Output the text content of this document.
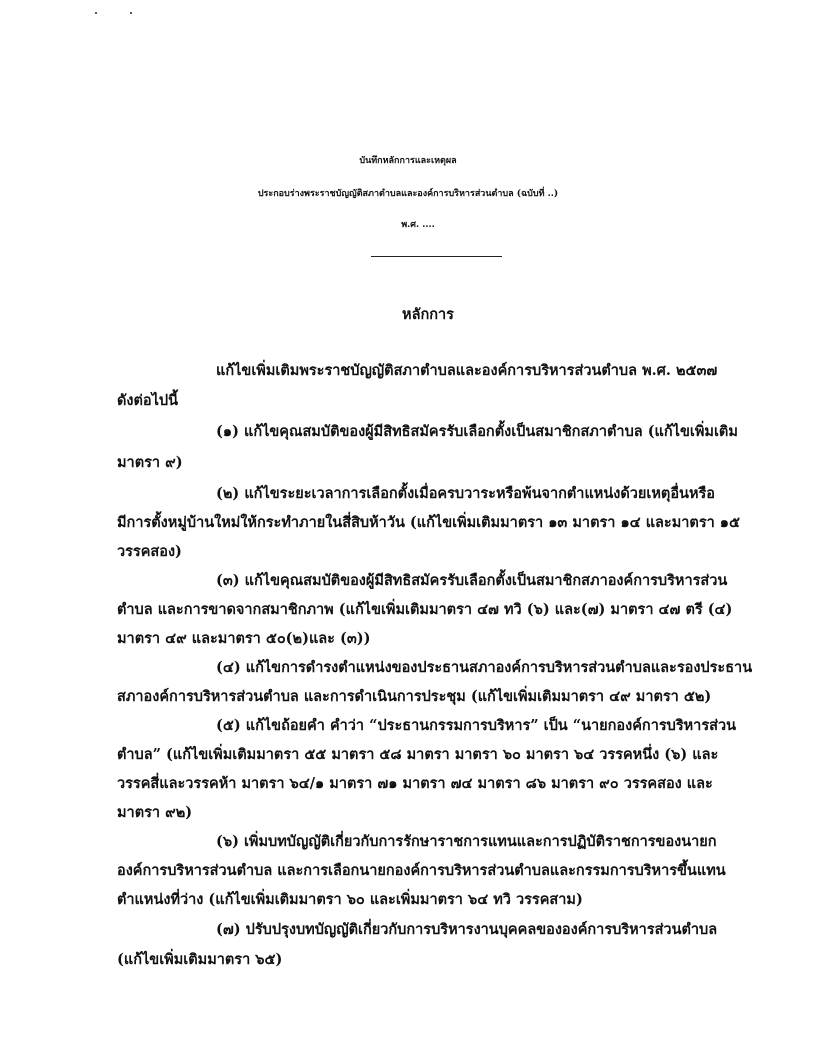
บันทึกหลักการและเหตุผล
ประกอบร่างพระราชบัญญัติสภาตำบลและองค์การบริหารส่วนตำบล (ฉบับที่ ..)
พ.ศ. ....
หลักการ
แก้ไขเพิ่มเติมพระราชบัญญัติสภาตำบลและองค์การบริหารส่วนตำบล พ.ศ. ๒๕๓๗
ดังต่อไปนี้
(๑) แก้ไขคุณสมบัติของผู้มีสิทธิสมัครรับเลือกตั้งเป็นสมาชิกสภาตำบล (แก้ไขเพิ่มเติม
มาตรา ๙)
(๒) แก้ไขระยะเวลาการเลือกตั้งเมื่อครบวาระหรือพ้นจากตำแหน่งด้วยเหตุอื่นหรือ
มีการตั้งหมู่บ้านใหม่ให้กระทำภายในสี่สิบห้าวัน (แก้ไขเพิ่มเติมมาตรา ๑๓ มาตรา ๑๔ และมาตรา ๑๕
วรรคสอง)
(๓) แก้ไขคุณสมบัติของผู้มีสิทธิสมัครรับเลือกตั้งเป็นสมาชิกสภาองค์การบริหารส่วน
ตำบล และการขาดจากสมาชิกภาพ (แก้ไขเพิ่มเติมมาตรา ๔๗ ทวิ (๖) และ(๗) มาตรา ๔๗ ตรี (๔)
มาตรา ๔๙ และมาตรา ๕๐(๒)และ (๓))
(๔) แก้ไขการดำรงตำแหน่งของประธานสภาองค์การบริหารส่วนตำบลและรองประธาน
สภาองค์การบริหารส่วนตำบล และการดำเนินการประชุม (แก้ไขเพิ่มเติมมาตรา ๔๙ มาตรา ๕๒)
(๕) แก้ไขถ้อยคำ คำว่า “ประธานกรรมการบริหาร” เป็น “นายกองค์การบริหารส่วน
ตำบล” (แก้ไขเพิ่มเติมมาตรา ๕๕ มาตรา ๕๘ มาตรา มาตรา ๖๐ มาตรา ๖๔ วรรคหนึ่ง (๖) และ
วรรคสี่และวรรคห้า มาตรา ๖๔/๑ มาตรา ๗๑ มาตรา ๗๔ มาตรา ๘๖ มาตรา ๙๐ วรรคสอง และ
มาตรา ๙๒)
(๖) เพิ่มบทบัญญัติเกี่ยวกับการรักษาราชการแทนและการปฏิบัติราชการของนายก
องค์การบริหารส่วนตำบล และการเลือกนายกองค์การบริหารส่วนตำบลและกรรมการบริหารขึ้นแทน
ตำแหน่งที่ว่าง (แก้ไขเพิ่มเติมมาตรา ๖๐ และเพิ่มมาตรา ๖๔ ทวิ วรรคสาม)
(๗) ปรับปรุงบทบัญญัติเกี่ยวกับการบริหารงานบุคคลขององค์การบริหารส่วนตำบล
(แก้ไขเพิ่มเติมมาตรา ๖๕)
